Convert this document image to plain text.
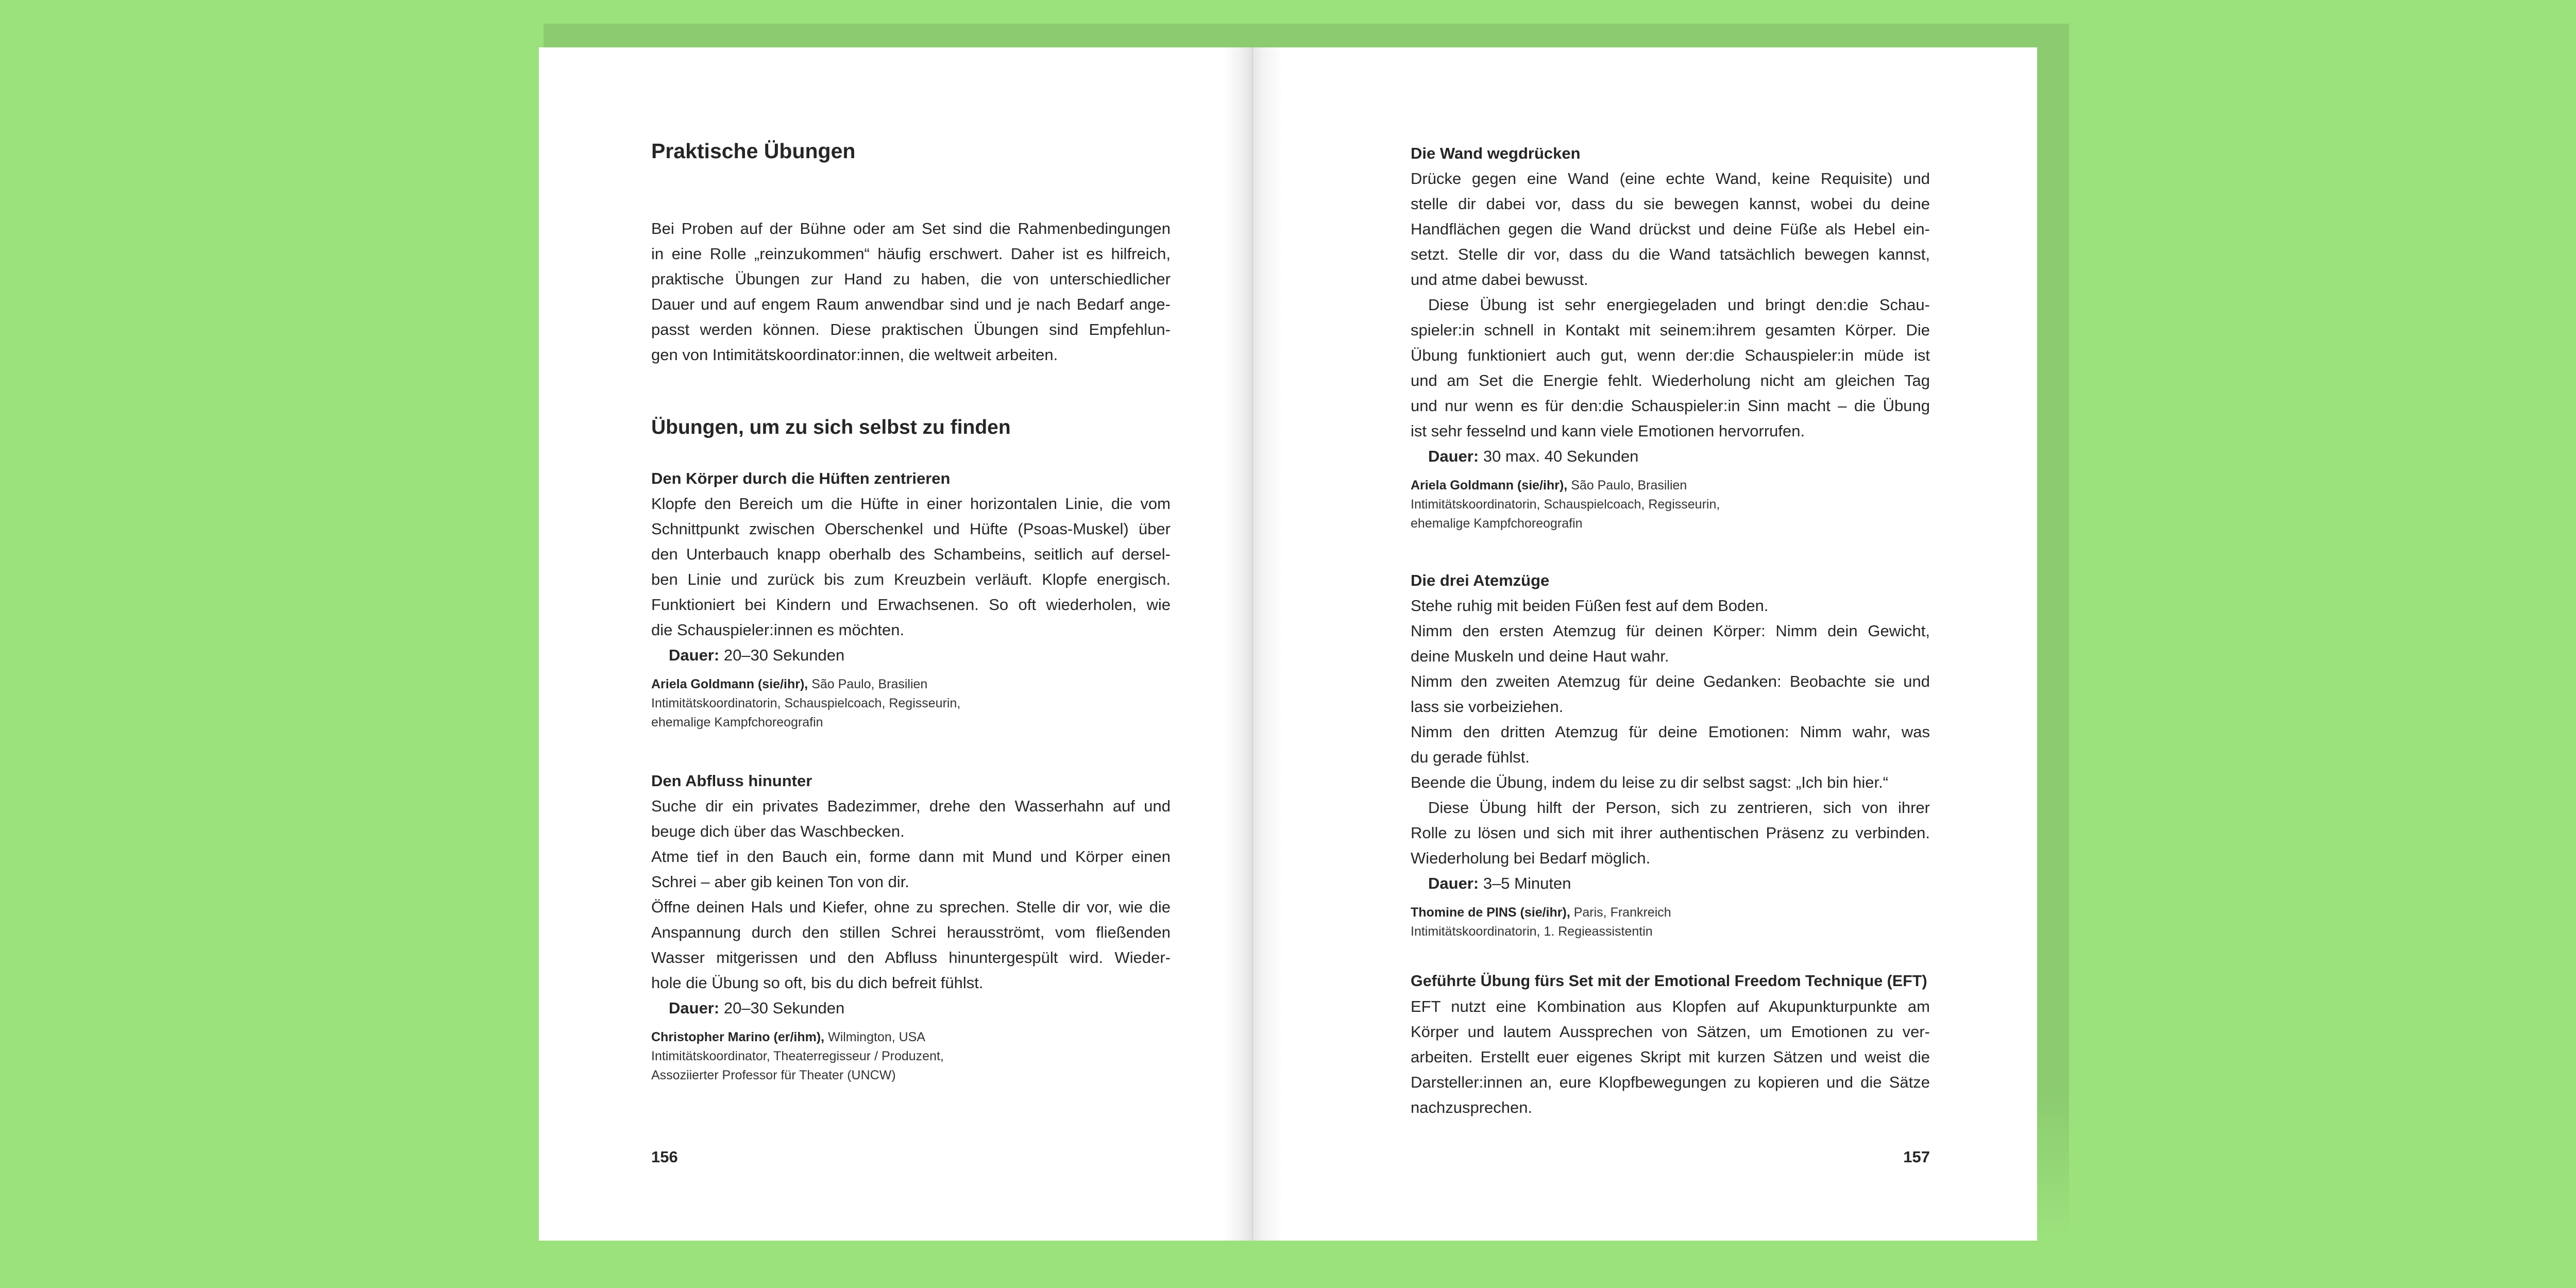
Praktische Übungen
Bei Proben auf der Bühne oder am Set sind die Rahmenbedingungen
in eine Rolle „reinzukommen“ häufig erschwert. Daher ist es hilfreich,
praktische Übungen zur Hand zu haben, die von unterschiedlicher
Dauer und auf engem Raum anwendbar sind und je nach Bedarf ange-
passt werden können. Diese praktischen Übungen sind Empfehlun-
gen von Intimitätskoordinator:innen, die weltweit arbeiten.
Übungen, um zu sich selbst zu finden
Den Körper durch die Hüften zentrieren
Klopfe den Bereich um die Hüfte in einer horizontalen Linie, die vom
Schnittpunkt zwischen Oberschenkel und Hüfte (Psoas-Muskel) über
den Unterbauch knapp oberhalb des Schambeins, seitlich auf dersel-
ben Linie und zurück bis zum Kreuzbein verläuft. Klopfe energisch.
Funktioniert bei Kindern und Erwachsenen. So oft wiederholen, wie
die Schauspieler:innen es möchten.
Dauer: 20–30 Sekunden
Ariela Goldmann (sie/ihr), São Paulo, Brasilien
Intimitätskoordinatorin, Schauspielcoach, Regisseurin,
ehemalige Kampfchoreografin
Den Abfluss hinunter
Suche dir ein privates Badezimmer, drehe den Wasserhahn auf und
beuge dich über das Waschbecken.
Atme tief in den Bauch ein, forme dann mit Mund und Körper einen
Schrei – aber gib keinen Ton von dir.
Öffne deinen Hals und Kiefer, ohne zu sprechen. Stelle dir vor, wie die
Anspannung durch den stillen Schrei herausströmt, vom fließenden
Wasser mitgerissen und den Abfluss hinuntergespült wird. Wieder-
hole die Übung so oft, bis du dich befreit fühlst.
Dauer: 20–30 Sekunden
Christopher Marino (er/ihm), Wilmington, USA
Intimitätskoordinator, Theaterregisseur / Produzent,
Assoziierter Professor für Theater (UNCW)
156
Die Wand wegdrücken
Drücke gegen eine Wand (eine echte Wand, keine Requisite) und
stelle dir dabei vor, dass du sie bewegen kannst, wobei du deine
Handflächen gegen die Wand drückst und deine Füße als Hebel ein-
setzt. Stelle dir vor, dass du die Wand tatsächlich bewegen kannst,
und atme dabei bewusst.
Diese Übung ist sehr energiegeladen und bringt den:die Schau-
spieler:in schnell in Kontakt mit seinem:ihrem gesamten Körper. Die
Übung funktioniert auch gut, wenn der:die Schauspieler:in müde ist
und am Set die Energie fehlt. Wiederholung nicht am gleichen Tag
und nur wenn es für den:die Schauspieler:in Sinn macht – die Übung
ist sehr fesselnd und kann viele Emotionen hervorrufen.
Dauer: 30 max. 40 Sekunden
Ariela Goldmann (sie/ihr), São Paulo, Brasilien
Intimitätskoordinatorin, Schauspielcoach, Regisseurin,
ehemalige Kampfchoreografin
Die drei Atemzüge
Stehe ruhig mit beiden Füßen fest auf dem Boden.
Nimm den ersten Atemzug für deinen Körper: Nimm dein Gewicht,
deine Muskeln und deine Haut wahr.
Nimm den zweiten Atemzug für deine Gedanken: Beobachte sie und
lass sie vorbeiziehen.
Nimm den dritten Atemzug für deine Emotionen: Nimm wahr, was
du gerade fühlst.
Beende die Übung, indem du leise zu dir selbst sagst: „Ich bin hier.“
Diese Übung hilft der Person, sich zu zentrieren, sich von ihrer
Rolle zu lösen und sich mit ihrer authentischen Präsenz zu verbinden.
Wiederholung bei Bedarf möglich.
Dauer: 3–5 Minuten
Thomine de PINS (sie/ihr), Paris, Frankreich
Intimitätskoordinatorin, 1. Regieassistentin
Geführte Übung fürs Set mit der Emotional Freedom Technique (EFT)
EFT nutzt eine Kombination aus Klopfen auf Akupunkturpunkte am
Körper und lautem Aussprechen von Sätzen, um Emotionen zu ver-
arbeiten. Erstellt euer eigenes Skript mit kurzen Sätzen und weist die
Darsteller:innen an, eure Klopfbewegungen zu kopieren und die Sätze
nachzusprechen.
157
